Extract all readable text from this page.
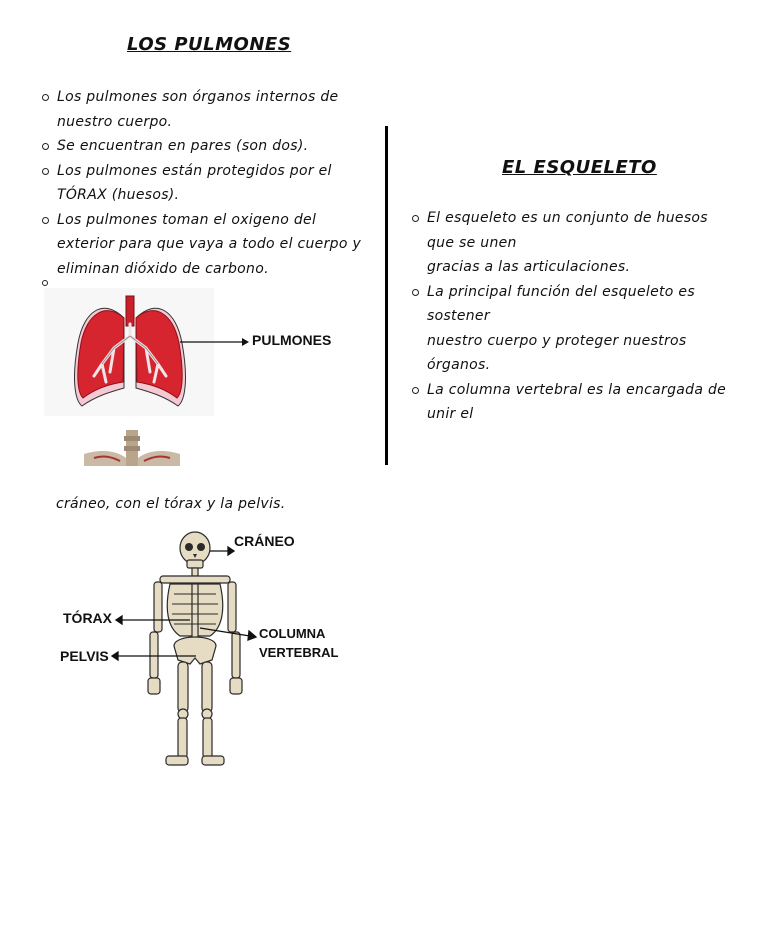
LOS PULMONES
Los pulmones son órganos internos de nuestro cuerpo.
Se encuentran en pares (son dos).
Los pulmones están protegidos por el TÓRAX (huesos).
Los pulmones toman el oxigeno del exterior para que vaya a todo el cuerpo y eliminan dióxido de carbono.
EL ESQUELETO
El esqueleto es un conjunto de huesos que se unen
gracias a las articulaciones.
La principal función del esqueleto es sostener
nuestro cuerpo y proteger nuestros órganos.
La columna vertebral es la encargada de unir el
PULMONES
cráneo, con el tórax y la pelvis.
CRÁNEO
TÓRAX
PELVIS
COLUMNA
VERTEBRAL
